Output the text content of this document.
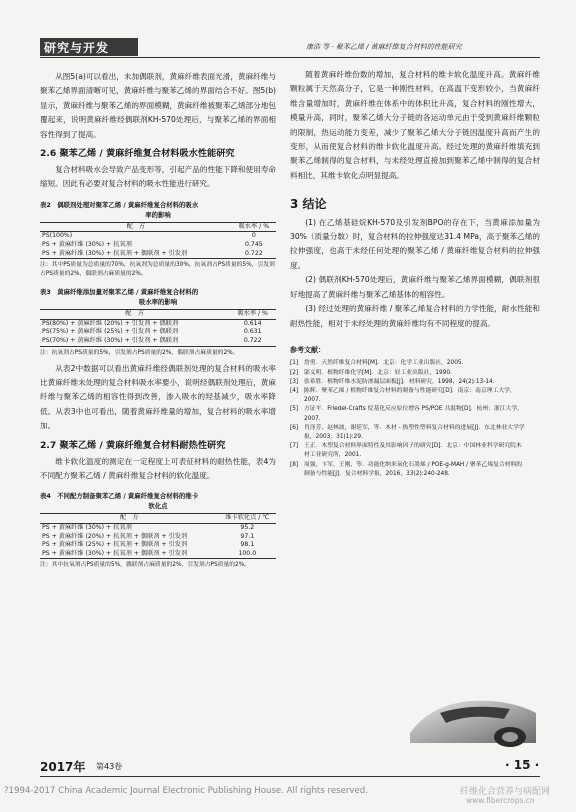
研究与开发	康浩 等 · 聚苯乙烯 / 黄麻纤维复合材料的性能研究

从图5(a)可以看出，未加偶联剂，黄麻纤维表面光滑，黄麻纤维与聚苯乙烯界面清晰可见，黄麻纤维与聚苯乙烯的界面结合不好。图5(b)显示，黄麻纤维与聚苯乙烯的界面模糊，黄麻纤维被聚苯乙烯部分地包覆起来，说明黄麻纤维经偶联剂KH-570处理后，与聚苯乙烯的界面相容性得到了提高。

2.6 聚苯乙烯 / 黄麻纤维复合材料吸水性能研究

复合材料吸水会导致产品变形等，引起产品的性能下降和使用寿命缩短。因此有必要对复合材料的吸水性能进行研究。

表2　偶联剂处理对聚苯乙烯 / 黄麻纤维复合材料的吸水
率的影响
配　方	吸水率 / %
PS(100%)	0
PS + 黄麻纤维 (30%) + 抗氧剂	0.745
PS + 黄麻纤维 (30%) + 抗氧剂 + 偶联剂 + 引发剂	0.722
注：其中PS质量为总质量的70%，抗氧剂为总质量的30%，抗氧剂占PS质量的5%，引发剂占PS质量的2%，偶联剂占麻质量的2%。
表3　黄麻纤维添加量对聚苯乙烯 / 黄麻纤维复合材料的
吸水率的影响
配　方	吸水率 / %
PS(80%) + 黄麻纤维 (20%) + 引发剂 + 偶联剂	0.614
PS(75%) + 黄麻纤维 (25%) + 引发剂 + 偶联剂	0.631
PS(70%) + 黄麻纤维 (30%) + 引发剂 + 偶联剂	0.722
注：抗氧剂占PS质量的5%，引发剂占PS质量的2%，偶联剂占麻质量的2%。

从表2中数据可以看出黄麻纤维经偶联剂处理的复合材料的吸水率比黄麻纤维未处理的复合材料吸水率要小，说明经偶联剂处理后，黄麻纤维与聚苯乙烯的相容性得到改善，渗入吸水的羟基减少，吸水率降低。从表3中也可看出，随着黄麻纤维量的增加，复合材料的吸水率增加。

2.7 聚苯乙烯 / 黄麻纤维复合材料耐热性研究

维卡软化温度的测定在一定程度上可表征材料的耐热性能，表4为不同配方聚苯乙烯 / 黄麻纤维复合材料的软化温度。

表4　不同配方制备聚苯乙烯 / 黄麻纤维复合材料的维卡
软化点
配　方	维卡软化点 / ℃
PS + 黄麻纤维 (30%) + 抗氧剂	95.2
PS + 黄麻纤维 (20%) + 抗氧剂 + 偶联剂 + 引发剂	97.1
PS + 黄麻纤维 (25%) + 抗氧剂 + 偶联剂 + 引发剂	98.1
PS + 黄麻纤维 (30%) + 抗氧剂 + 偶联剂 + 引发剂	100.0
注：其中抗氧剂占PS质量的5%，偶联剂占麻质量的2%，引发剂占PS质量的2%。

随着黄麻纤维份数的增加，复合材料的维卡软化温度升高。黄麻纤维颗粒属于天然高分子，它是一种刚性材料，在高温下变形较小，当黄麻纤维含量增加时，黄麻纤维在体系中的体积比升高，复合材料的刚性增大，模量升高，同时，聚苯乙烯大分子链的各运动单元由于受到黄麻纤维颗粒的限制，热运动能力变差，减少了聚苯乙烯大分子链因温度升高而产生的变形，从而使复合材料的维卡软化温度升高。经过处理的黄麻纤维填充到聚苯乙烯制得的复合材料，与未经处理直接加到聚苯乙烯中制得的复合材料相比，其维卡软化点明显提高。

3 结论

(1) 在乙烯基硅烷KH-570及引发剂BPO的存在下，当黄麻添加量为30%（质量分数）时，复合材料的拉伸强度达31.4 MPa，高于聚苯乙烯的拉伸强度，也高于未经任何处理的聚苯乙烯 / 黄麻纤维复合材料的拉伸强度。

(2) 偶联剂KH-570处理后，黄麻纤维与聚苯乙烯界面模糊，偶联剂很好地提高了黄麻纤维与聚苯乙烯基体的相容性。

(3) 经过处理的黄麻纤维 / 聚苯乙烯复合材料的力学性能，耐水性能和耐热性能，相对于未经处理的黄麻纤维均有不同程度的提高。

参考文献：
[1] 詹勇．天然纤维复合材料[M]．北京：化学工业出版社，2005.
[2] 邬义明．植物纤维化学[M]．北京：轻工业出版社，1990.
[3] 张希胜．植物纤维水泥防渗漏层面板[J]．材料研究，1998，24(2):13-14.
[4] 陈辉．聚苯乙烯 / 植物纤维复合材料的制备与性能研究[D]．南京：南京理工大学，2007.
[5] 方证平．Friedel-Crafts 烷基化反应原位增容 PS/POE 共混物[D]．杭州：浙江大学，2007.
[6] 肖泽芳，赵林波，谢延军，等．木材 - 热塑性塑料复合材料的进展[J]．东北林业大学学报，2003，31(1):29.
[7] 王正．木塑复合材料界面特性及其影响因子的研究[D]．北京：中国林业科学研究院木材工业研究所，2001.
[8] 周强，卞军，王刚，等．功能化纳米氧化石墨烯 / POE-g-MAH / 聚苯乙烯复合材料的制备与性能[J]．复合材料学报，2016，33(2):240-248.
2017年 第43卷	· 15 ·
?1994-2017 China Academic Journal Electronic Publishing House. All rights reserved.	纤维化合营养与病配网
www.fibercrops.cn
